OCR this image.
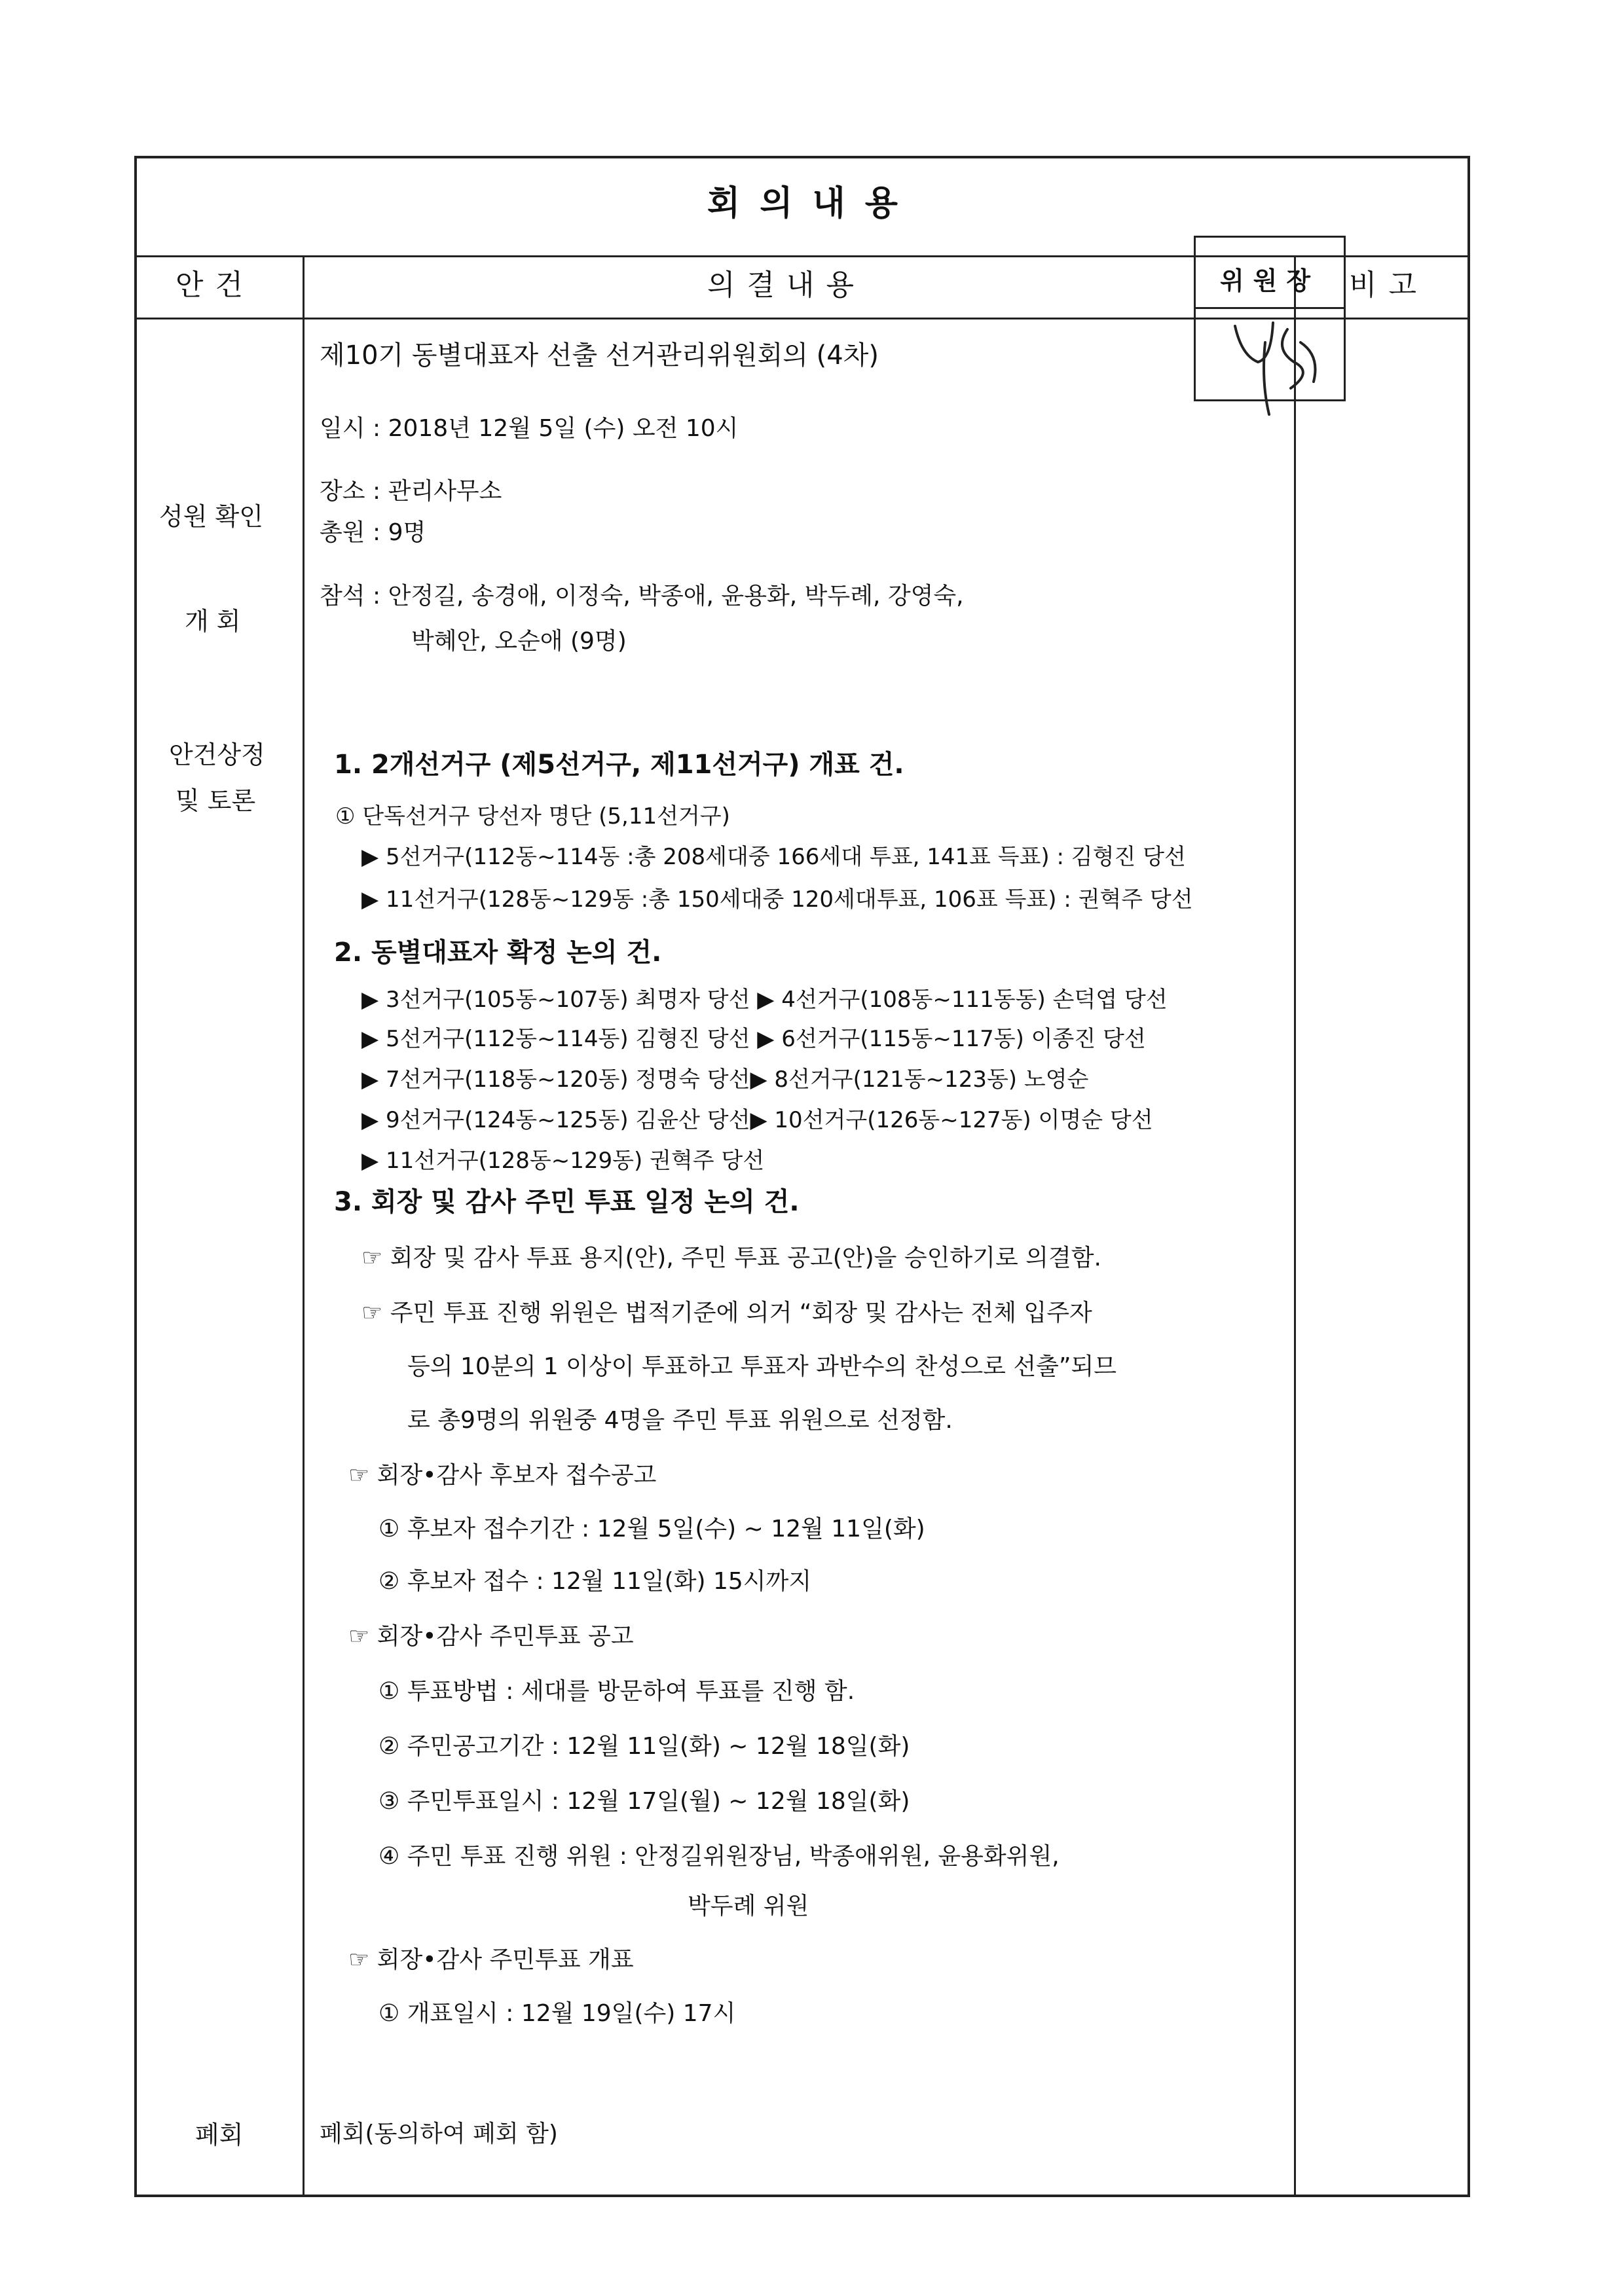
회의내용
안건	의결내용	비고
성원 확인
개 회
안건상정
및 토론
폐회
위원장
제10기 동별대표자 선출 선거관리위원회의 (4차)
일시 : 2018년 12월 5일 (수) 오전 10시
장소 : 관리사무소
총원 : 9명
참석 : 안정길, 송경애, 이정숙, 박종애, 윤용화, 박두례, 강영숙,
박혜안, 오순애 (9명)
1. 2개선거구 (제5선거구, 제11선거구) 개표 건.
① 단독선거구 당선자 명단 (5,11선거구)
▶ 5선거구(112동~114동 :총 208세대중 166세대 투표, 141표 득표) : 김형진 당선
▶ 11선거구(128동~129동 :총 150세대중 120세대투표, 106표 득표) : 권혁주 당선
2. 동별대표자 확정 논의 건.
▶ 3선거구(105동~107동) 최명자 당선 ▶ 4선거구(108동~111동동) 손덕엽 당선
▶ 5선거구(112동~114동) 김형진 당선 ▶ 6선거구(115동~117동) 이종진 당선
▶ 7선거구(118동~120동) 정명숙 당선▶ 8선거구(121동~123동) 노영순
▶ 9선거구(124동~125동) 김윤산 당선▶ 10선거구(126동~127동) 이명순 당선
▶ 11선거구(128동~129동) 권혁주 당선
3. 회장 및 감사 주민 투표 일정 논의 건.
☞ 회장 및 감사 투표 용지(안), 주민 투표 공고(안)을 승인하기로 의결함.
☞ 주민 투표 진행 위원은 법적기준에 의거 “회장 및 감사는 전체 입주자
등의 10분의 1 이상이 투표하고 투표자 과반수의 찬성으로 선출”되므
로 총9명의 위원중 4명을 주민 투표 위원으로 선정함.
☞ 회장•감사 후보자 접수공고
① 후보자 접수기간 : 12월 5일(수) ~ 12월 11일(화)
② 후보자 접수 : 12월 11일(화) 15시까지
☞ 회장•감사 주민투표 공고
① 투표방법 : 세대를 방문하여 투표를 진행 함.
② 주민공고기간 : 12월 11일(화) ~ 12월 18일(화)
③ 주민투표일시 : 12월 17일(월) ~ 12월 18일(화)
④ 주민 투표 진행 위원 : 안정길위원장님, 박종애위원, 윤용화위원,
박두례 위원
☞ 회장•감사 주민투표 개표
① 개표일시 : 12월 19일(수) 17시
폐회(동의하여 폐회 함)
